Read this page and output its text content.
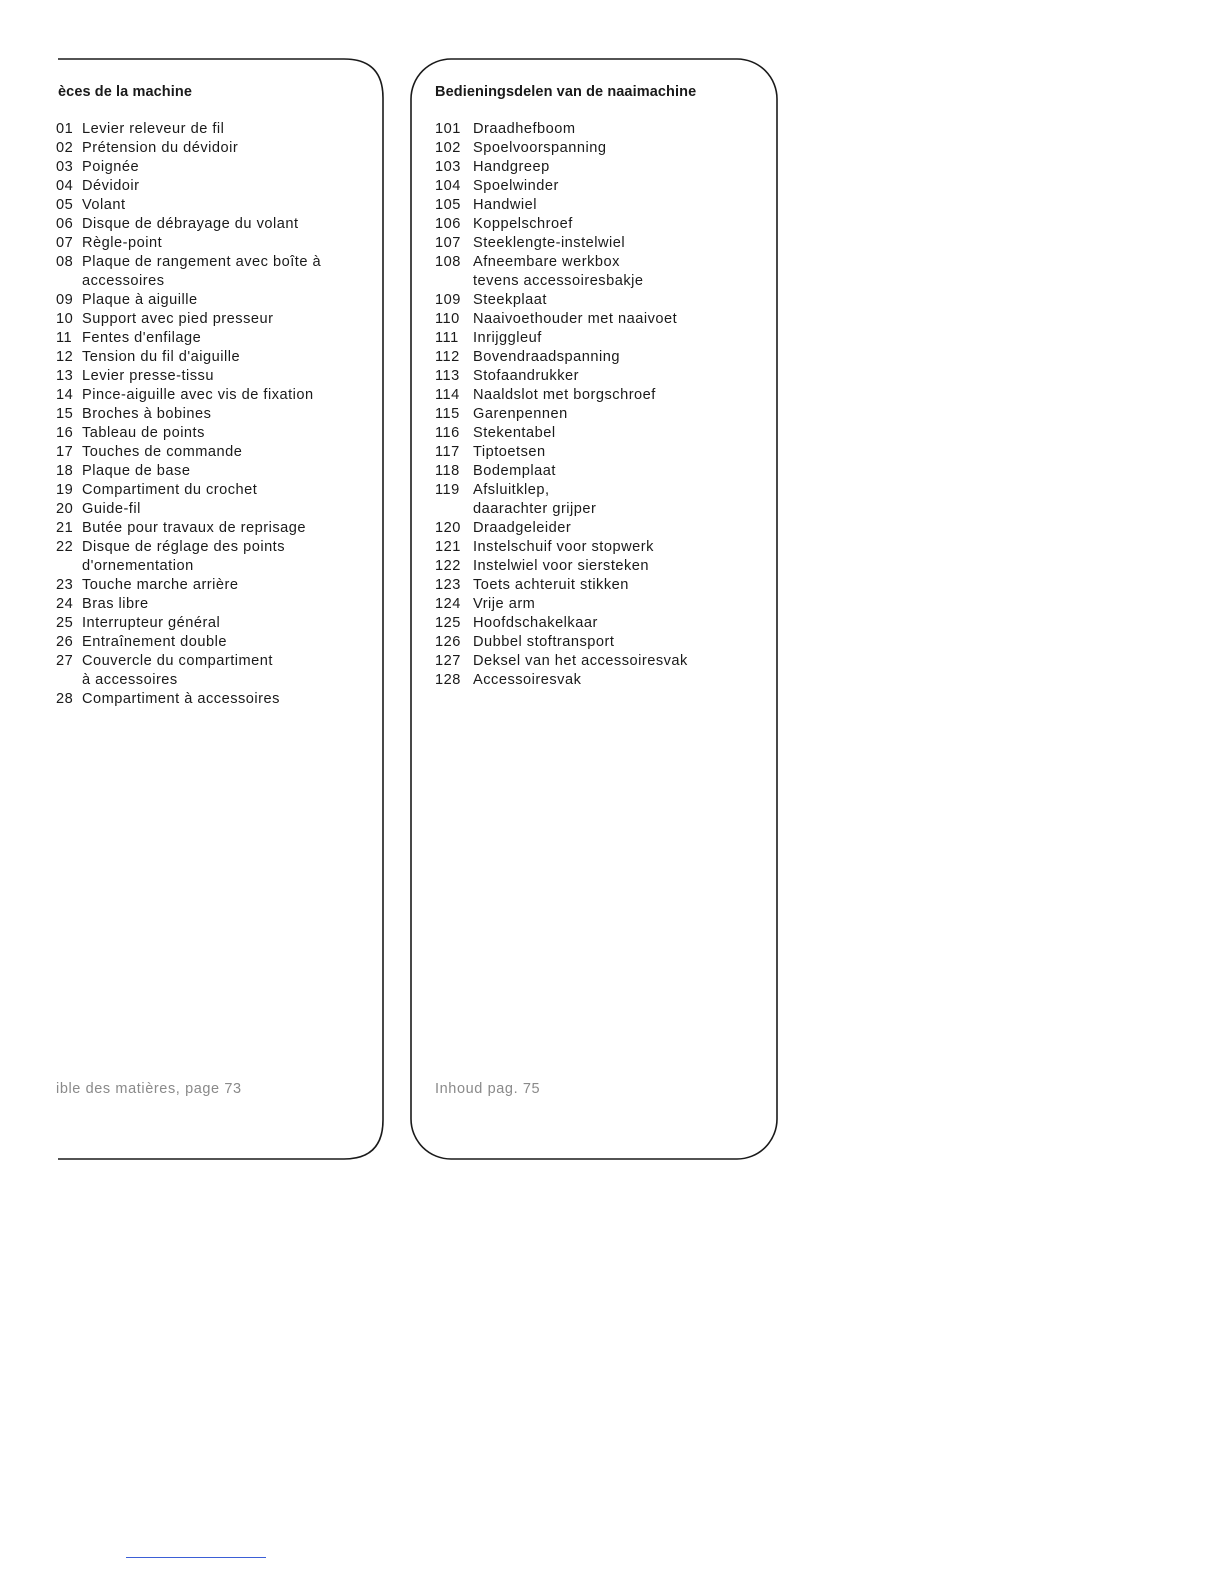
èces de la machine
01 Levier releveur de fil
02 Prétension du dévidoir
03 Poignée
04 Dévidoir
05 Volant
06 Disque de débrayage du volant
07 Règle-point
08 Plaque de rangement avec boîte à
accessoires
09 Plaque à aiguille
10 Support avec pied presseur
11 Fentes d'enfilage
12 Tension du fil d'aiguille
13 Levier presse-tissu
14 Pince-aiguille avec vis de fixation
15 Broches à bobines
16 Tableau de points
17 Touches de commande
18 Plaque de base
19 Compartiment du crochet
20 Guide-fil
21 Butée pour travaux de reprisage
22 Disque de réglage des points
d'ornementation
23 Touche marche arrière
24 Bras libre
25 Interrupteur général
26 Entraînement double
27 Couvercle du compartiment
à accessoires
28 Compartiment à accessoires
ible des matières, page 73
Bedieningsdelen van de naaimachine
101 Draadhefboom
102 Spoelvoorspanning
103 Handgreep
104 Spoelwinder
105 Handwiel
106 Koppelschroef
107 Steeklengte-instelwiel
108 Afneembare werkbox
tevens accessoiresbakje
109 Steekplaat
110 Naaivoethouder met naaivoet
111 Inrijggleuf
112 Bovendraadspanning
113 Stofaandrukker
114 Naaldslot met borgschroef
115 Garenpennen
116 Stekentabel
117 Tiptoetsen
118 Bodemplaat
119 Afsluitklep,
daarachter grijper
120 Draadgeleider
121 Instelschuif voor stopwerk
122 Instelwiel voor siersteken
123 Toets achteruit stikken
124 Vrije arm
125 Hoofdschakelkaar
126 Dubbel stoftransport
127 Deksel van het accessoiresvak
128 Accessoiresvak
Inhoud pag. 75
